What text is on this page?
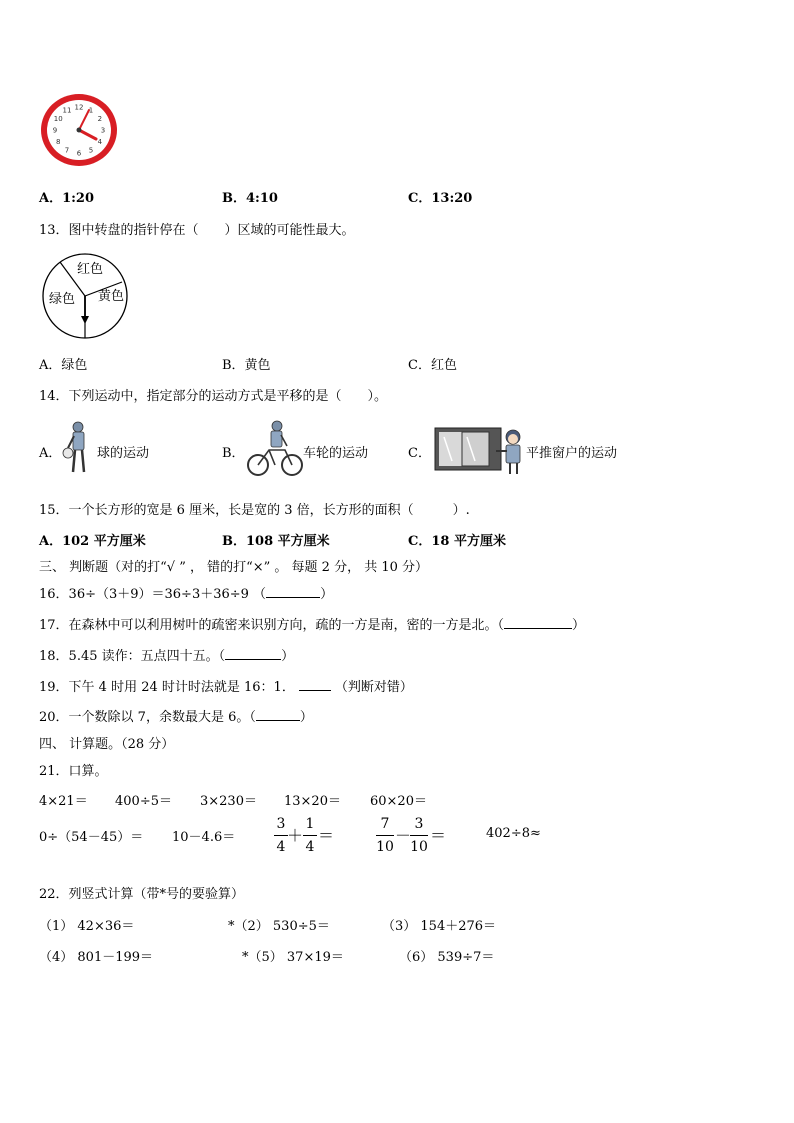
12 1
2
3
4
5
6
7
8
9
10
11
A．1:20	B．4:10	C．13:20
13．图中转盘的指针停在（　　）区域的可能性最大。
红色
黄色
绿色
A．绿色	B．黄色	C．红色
14．下列运动中，指定部分的运动方式是平移的是（　　）。
A．	球的运动	B．	车轮的运动	C．	平推窗户的运动
15．一个长方形的宽是 6 厘米，长是宽的 3 倍，长方形的面积（　　　）.
A．102 平方厘米	B．108 平方厘米	C．18 平方厘米
三、 判断题（对的打“√ ” ， 错的打“×” 。 每题 2 分， 共 10 分）
16．36÷（3＋9）＝36÷3＋36÷9 （	）
17．在森林中可以利用树叶的疏密来识别方向，疏的一方是南，密的一方是北。（	）
18．5.45 读作：五点四十五。（	）
19．下午 4 时用 24 时计时法就是 16：1．	（判断对错）
20．一个数除以 7，余数最大是 6。（	）
四、 计算题。（28 分）
21．口算。
4×21＝ 400÷5＝ 3×230＝ 13×20＝ 60×20＝
0÷（54－45）＝ 10－4.6＝
3
4
＋
1
4
＝
7
10
－
3
10
＝	402÷8≈
22．列竖式计算（带*号的要验算）
（1） 42×36＝	*（2） 530÷5＝	（3） 154＋276＝
（4） 801－199＝	*（5） 37×19＝	（6） 539÷7＝
